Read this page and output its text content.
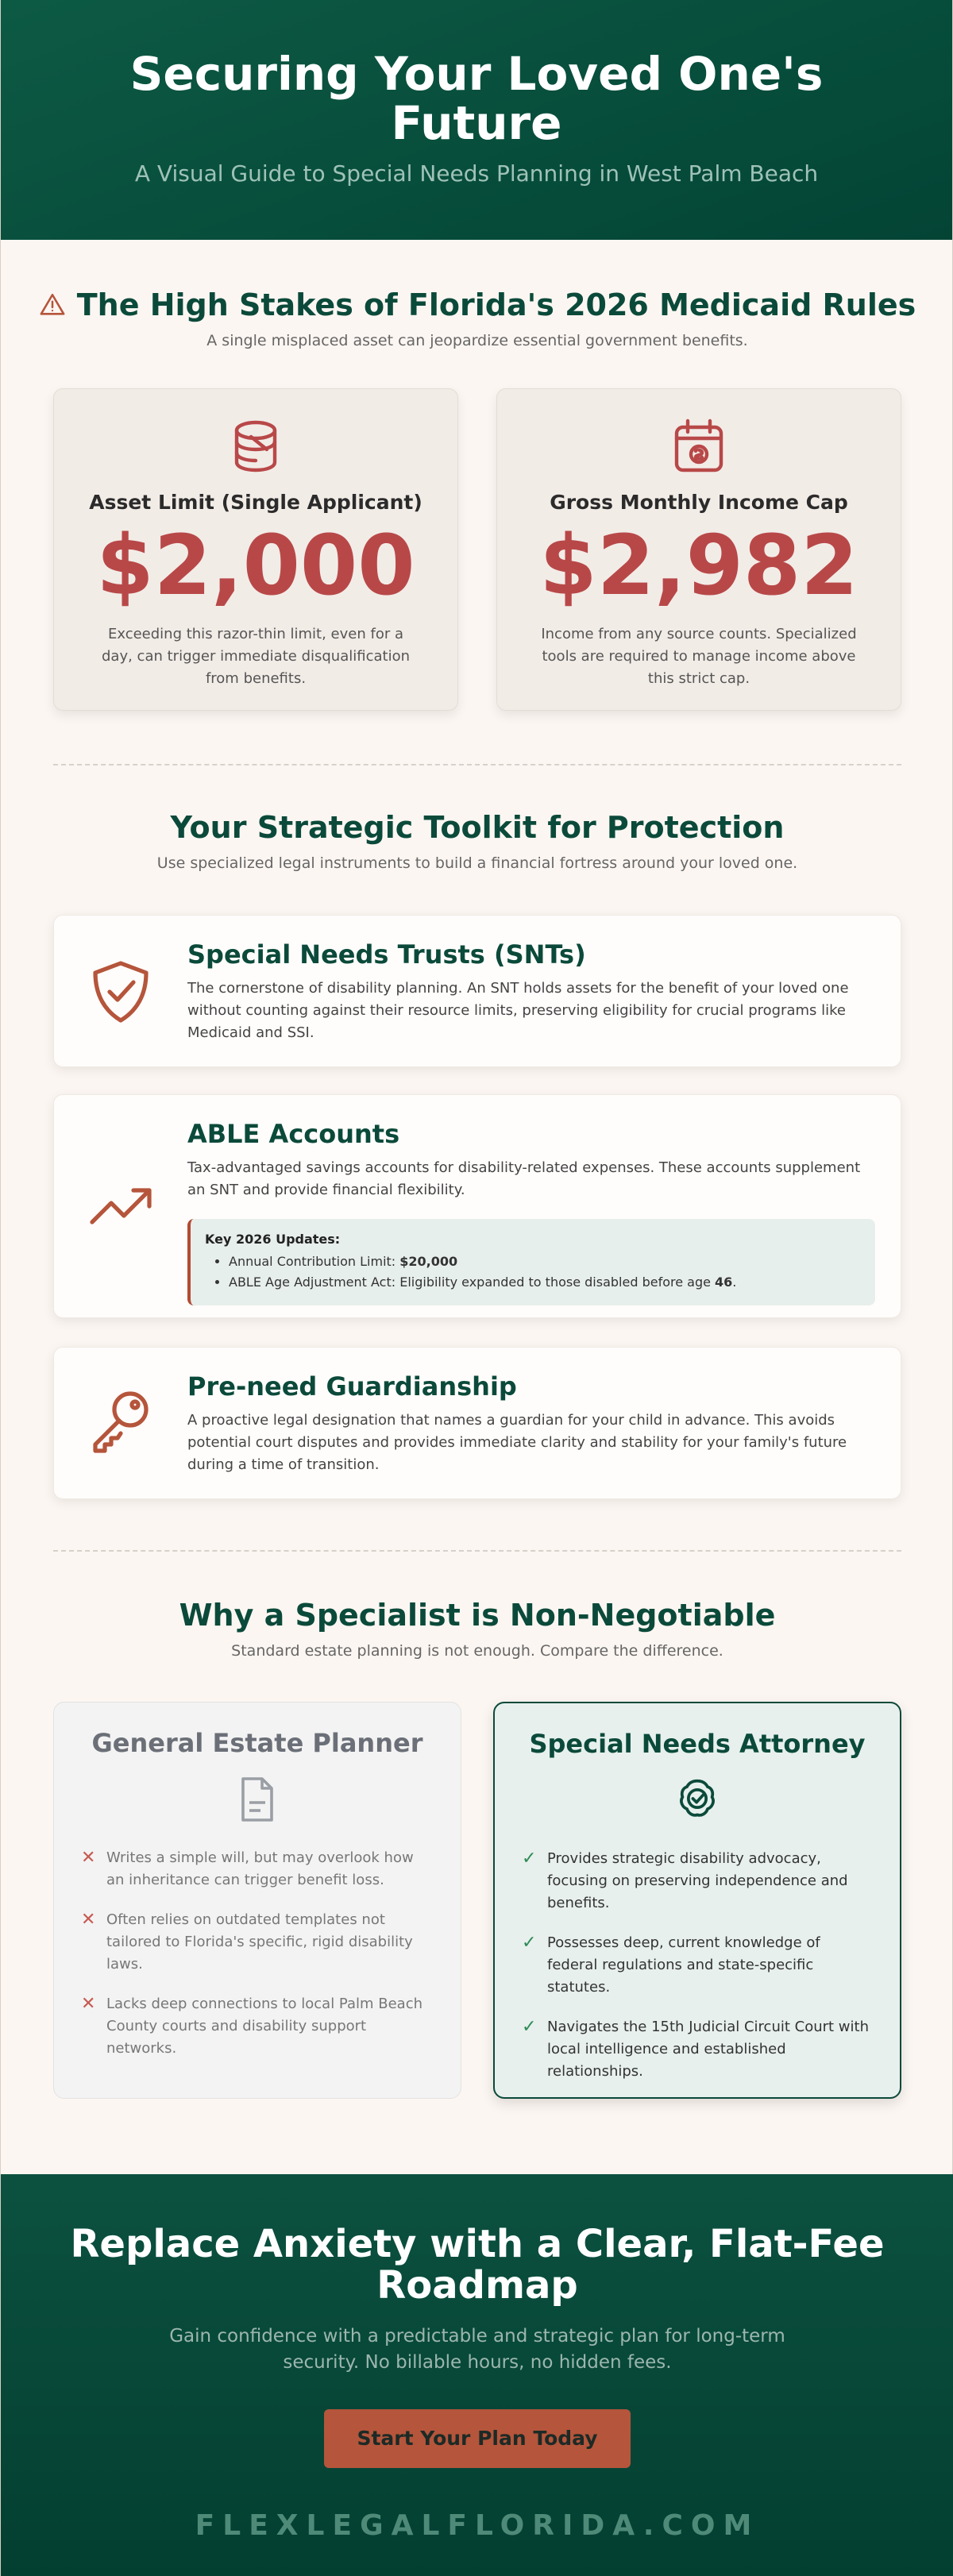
Securing Your Loved One's Future

A Visual Guide to Special Needs Planning in West Palm Beach

The High Stakes of Florida's 2026 Medicaid Rules

A single misplaced asset can jeopardize essential government benefits.

Asset Limit (Single Applicant)
$2,000

Exceeding this razor-thin limit, even for a day, can trigger immediate disqualification from benefits.

Gross Monthly Income Cap
$2,982

Income from any source counts. Specialized tools are required to manage income above this strict cap.

Your Strategic Toolkit for Protection

Use specialized legal instruments to build a financial fortress around your loved one.

Special Needs Trusts (SNTs)

The cornerstone of disability planning. An SNT holds assets for the benefit of your loved one without counting against their resource limits, preserving eligibility for crucial programs like Medicaid and SSI.

ABLE Accounts

Tax-advantaged savings accounts for disability-related expenses. These accounts supplement an SNT and provide financial flexibility.

Key 2026 Updates:
• Annual Contribution Limit: $20,000
• ABLE Age Adjustment Act: Eligibility expanded to those disabled before age 46.
Pre-need Guardianship

A proactive legal designation that names a guardian for your child in advance. This avoids potential court disputes and provides immediate clarity and stability for your family's future during a time of transition.

Why a Specialist is Non-Negotiable

Standard estate planning is not enough. Compare the difference.

General Estate Planner
✕ Writes a simple will, but may overlook how an inheritance can trigger benefit loss.
✕ Often relies on outdated templates not tailored to Florida's specific, rigid disability laws.
✕ Lacks deep connections to local Palm Beach County courts and disability support networks.
Special Needs Attorney
✓ Provides strategic disability advocacy, focusing on preserving independence and benefits.
✓ Possesses deep, current knowledge of federal regulations and state-specific statutes.
✓ Navigates the 15th Judicial Circuit Court with local intelligence and established relationships.
Replace Anxiety with a Clear, Flat-Fee Roadmap

Gain confidence with a predictable and strategic plan for long-term security. No billable hours, no hidden fees.

Start Your Plan Today
FLEXLEGALFLORIDA.COM
